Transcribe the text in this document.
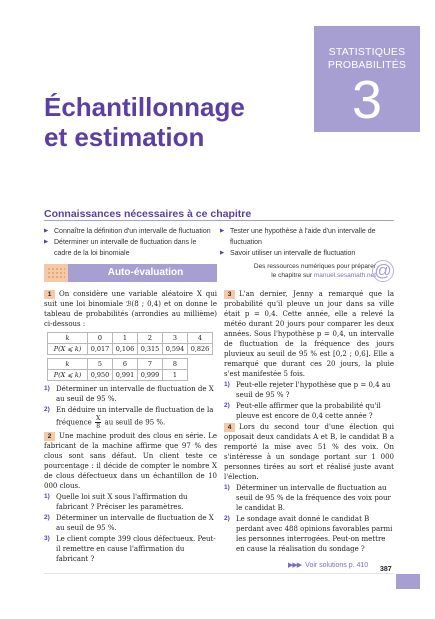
STATISTIQUES
PROBABILITÉS
3
Échantillonnage
et estimation
Connaissances nécessaires à ce chapitre
▶ Connaître la définition d'un intervalle de fluctuation
▶ Déterminer un intervalle de fluctuation dans le cadre de la loi binomiale
▶ Tester une hypothèse à l'aide d'un intervalle de fluctuation
▶ Savoir utiliser un intervalle de fluctuation
Auto-évaluation
Des ressources numériques pour préparer
le chapitre sur manuel.sesamath.net
@

1 On considère une variable aléatoire X qui suit une loi binomiale ℬ(8 ; 0,4) et on donne le tableau de probabilités (arrondies au millième) ci-dessous :

k	0	1	2	3	4
P(X ⩽ k)	0,017	0,106	0,315	0,594	0,826
k	5	6	7	8
P(X ⩽ k)	0,950	0,991	0,999	1
1) Déterminer un intervalle de fluctuation de X au seuil de 95 %.
2) En déduire un intervalle de fluctuation de la fréquence $\frac{X}{8}$ au seuil de 95 %.

2 Une machine produit des clous en série. Le fabricant de la machine affirme que 97 % des clous sont sans défaut. Un client teste ce pourcentage : il décide de compter le nombre X de clous défectueux dans un échantillon de 10 000 clous.

1) Quelle loi suit X sous l'affirmation du fabricant ? Préciser les paramètres.
2) Déterminer un intervalle de fluctuation de X au seuil de 95 %.
3) Le client compte 399 clous défectueux. Peut-il remettre en cause l'affirmation du fabricant ?

3 L'an dernier, Jenny a remarqué que la probabilité qu'il pleuve un jour dans sa ville était p = 0,4. Cette année, elle a relevé la météo durant 20 jours pour comparer les deux années. Sous l'hypothèse p = 0,4, un intervalle de fluctuation de la fréquence des jours pluvieux au seuil de 95 % est [0,2 ; 0,6]. Elle a remarqué que durant ces 20 jours, la pluie s'est manifestée 5 fois.

1) Peut-elle rejeter l'hypothèse que p = 0,4 au seuil de 95 % ?
2) Peut-elle affirmer que la probabilité qu'il pleuve est encore de 0,4 cette année ?

4 Lors du second tour d'une élection qui opposait deux candidats A et B, le candidat B a remporté la mise avec 51 % des voix. On s'intéresse à un sondage portant sur 1 000 personnes tirées au sort et réalisé juste avant l'élection.

1) Déterminer un intervalle de fluctuation au seuil de 95 % de la fréquence des voix pour le candidat B.
2) Le sondage avait donné le candidat B perdant avec 488 opinions favorables parmi les personnes interrogées. Peut-on mettre en cause la réalisation du sondage ?
▶▶▶ Voir solutions p. 410
387
